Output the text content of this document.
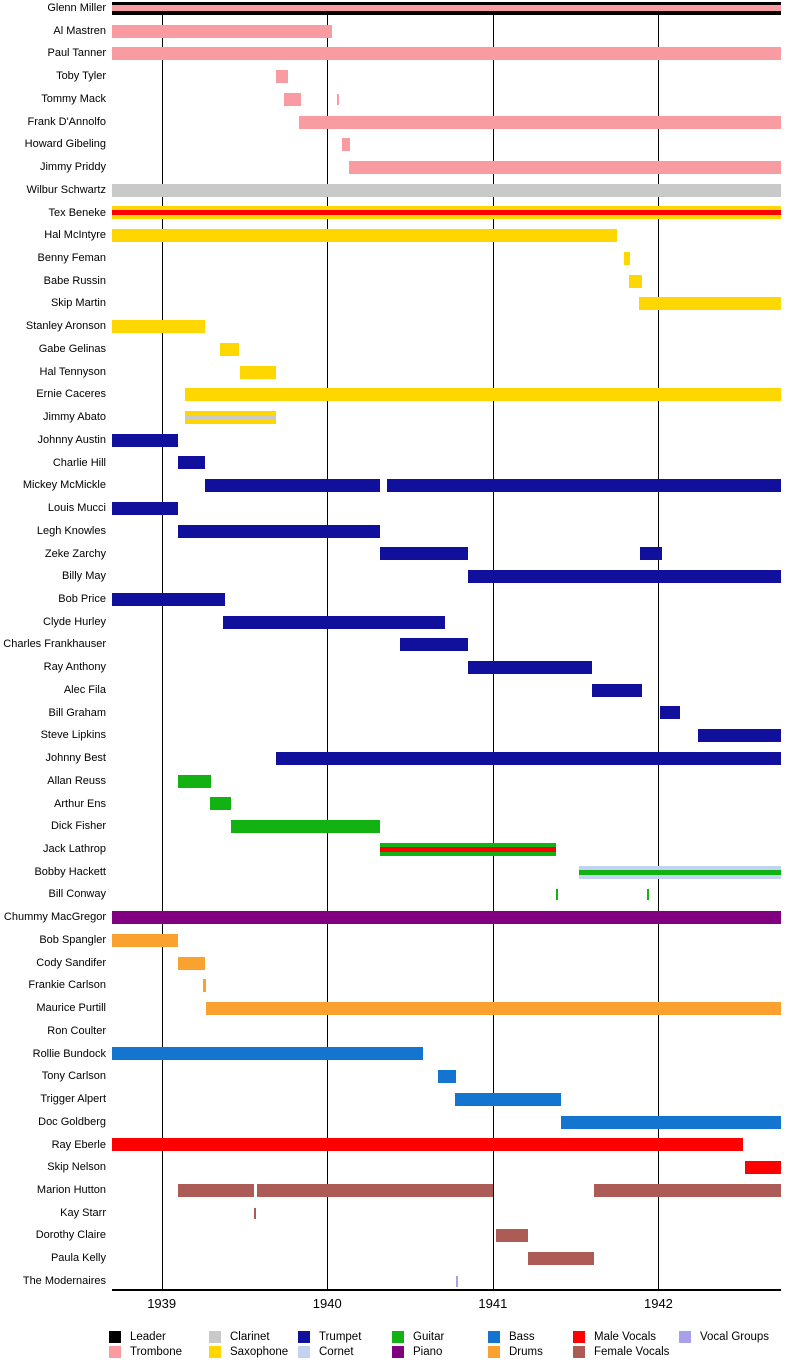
Glenn Miller
Al Mastren
Paul Tanner
Toby Tyler
Tommy Mack
Frank D'Annolfo
Howard Gibeling
Jimmy Priddy
Wilbur Schwartz
Tex Beneke
Hal McIntyre
Benny Feman
Babe Russin
Skip Martin
Stanley Aronson
Gabe Gelinas
Hal Tennyson
Ernie Caceres
Jimmy Abato
Johnny Austin
Charlie Hill
Mickey McMickle
Louis Mucci
Legh Knowles
Zeke Zarchy
Billy May
Bob Price
Clyde Hurley
Charles Frankhauser
Ray Anthony
Alec Fila
Bill Graham
Steve Lipkins
Johnny Best
Allan Reuss
Arthur Ens
Dick Fisher
Jack Lathrop
Bobby Hackett
Bill Conway
Chummy MacGregor
Bob Spangler
Cody Sandifer
Frankie Carlson
Maurice Purtill
Ron Coulter
Rollie Bundock
Tony Carlson
Trigger Alpert
Doc Goldberg
Ray Eberle
Skip Nelson
Marion Hutton
Kay Starr
Dorothy Claire
Paula Kelly
The Modernaires
1939	1940	1941	1942
Leader
Trombone
Clarinet
Saxophone
Trumpet
Cornet
Guitar
Piano
Bass
Drums
Male Vocals
Female Vocals
Vocal Groups
